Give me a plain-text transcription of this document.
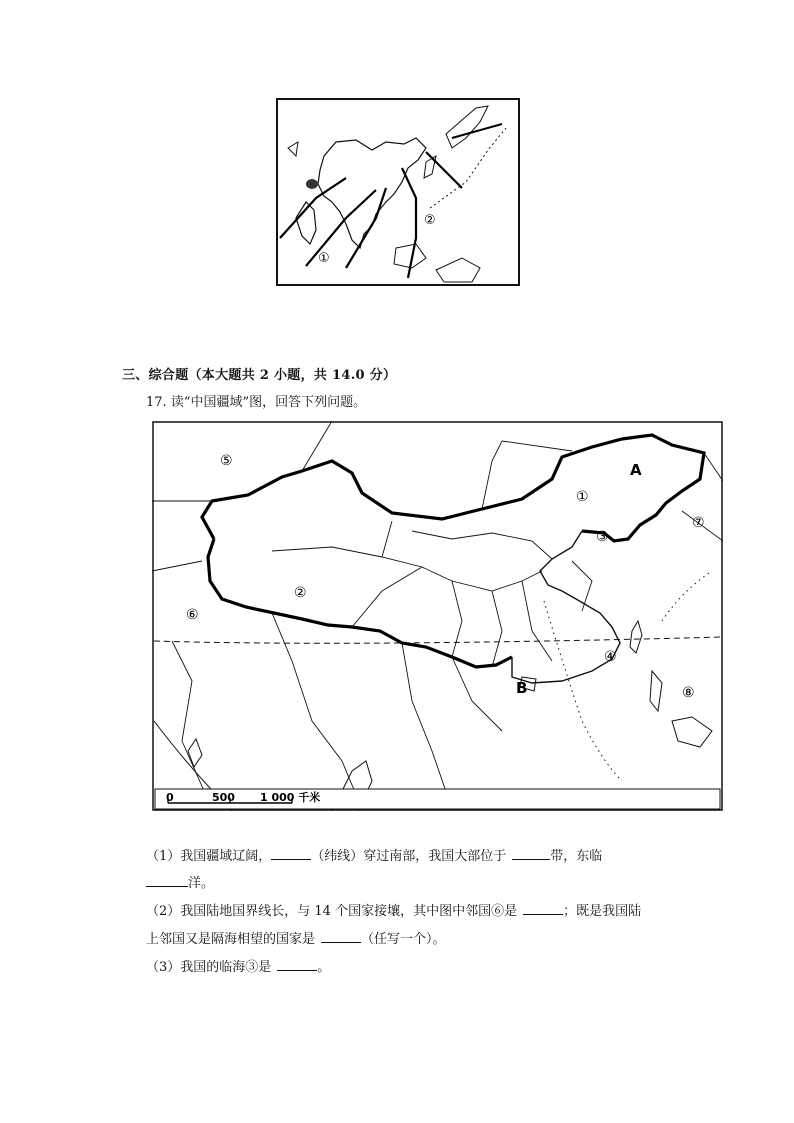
①
②
三、综合题（本大题共 2 小题，共 14.0 分）
17. 读“中国疆域”图，回答下列问题。
0	500 1 000 千米
①
②
③
④
⑤
⑥
⑦
⑧
A
B
（1）我国疆域辽阔，	（纬线）穿过南部，我国大部位于	带，东临
洋。
（2）我国陆地国界线长，与 14 个国家接壤，其中图中邻国⑥是	；既是我国陆
上邻国又是隔海相望的国家是	（任写一个）。
（3）我国的临海③是	。
